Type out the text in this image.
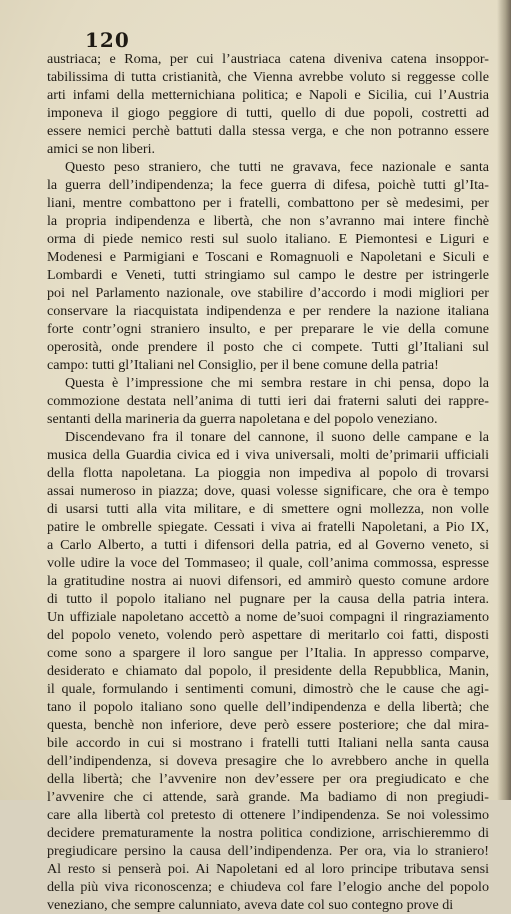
120
austriaca; e Roma, per cui l’austriaca catena diveniva catena insoppor-
tabilissima di tutta cristianità, che Vienna avrebbe voluto si reggesse colle
arti infami della metternichiana politica; e Napoli e Sicilia, cui l’Austria
imponeva il giogo peggiore di tutti, quello di due popoli, costretti ad
essere nemici perchè battuti dalla stessa verga, e che non potranno essere
amici se non liberi.
Questo peso straniero, che tutti ne gravava, fece nazionale e santa
la guerra dell’indipendenza; la fece guerra di difesa, poichè tutti gl’Ita-
liani, mentre combattono per i fratelli, combattono per sè medesimi, per
la propria indipendenza e libertà, che non s’avranno mai intere finchè
orma di piede nemico resti sul suolo italiano. E Piemontesi e Liguri e
Modenesi e Parmigiani e Toscani e Romagnuoli e Napoletani e Siculi e
Lombardi e Veneti, tutti stringiamo sul campo le destre per istringerle
poi nel Parlamento nazionale, ove stabilire d’accordo i modi migliori per
conservare la riacquistata indipendenza e per rendere la nazione italiana
forte contr’ogni straniero insulto, e per preparare le vie della comune
operosità, onde prendere il posto che ci compete. Tutti gl’Italiani sul
campo: tutti gl’Italiani nel Consiglio, per il bene comune della patria!
Questa è l’impressione che mi sembra restare in chi pensa, dopo la
commozione destata nell’anima di tutti ieri dai fraterni saluti dei rappre-
sentanti della marineria da guerra napoletana e del popolo veneziano.
Discendevano fra il tonare del cannone, il suono delle campane e la
musica della Guardia civica ed i viva universali, molti de’primarii ufficiali
della flotta napoletana. La pioggia non impediva al popolo di trovarsi
assai numeroso in piazza; dove, quasi volesse significare, che ora è tempo
di usarsi tutti alla vita militare, e di smettere ogni mollezza, non volle
patire le ombrelle spiegate. Cessati i viva ai fratelli Napoletani, a Pio IX,
a Carlo Alberto, a tutti i difensori della patria, ed al Governo veneto, si
volle udire la voce del Tommaseo; il quale, coll’anima commossa, espresse
la gratitudine nostra ai nuovi difensori, ed ammirò questo comune ardore
di tutto il popolo italiano nel pugnare per la causa della patria intera.
Un uffiziale napoletano accettò a nome de’suoi compagni il ringraziamento
del popolo veneto, volendo però aspettare di meritarlo coi fatti, disposti
come sono a spargere il loro sangue per l’Italia. In appresso comparve,
desiderato e chiamato dal popolo, il presidente della Repubblica, Manin,
il quale, formulando i sentimenti comuni, dimostrò che le cause che agi-
tano il popolo italiano sono quelle dell’indipendenza e della libertà; che
questa, benchè non inferiore, deve però essere posteriore; che dal mira-
bile accordo in cui si mostrano i fratelli tutti Italiani nella santa causa
dell’indipendenza, si doveva presagire che lo avrebbero anche in quella
della libertà; che l’avvenire non dev’essere per ora pregiudicato e che
l’avvenire che ci attende, sarà grande. Ma badiamo di non pregiudi-
care alla libertà col pretesto di ottenere l’indipendenza. Se noi volessimo
decidere prematuramente la nostra politica condizione, arrischieremmo di
pregiudicare persino la causa dell’indipendenza. Per ora, via lo straniero!
Al resto si penserà poi. Ai Napoletani ed al loro principe tributava sensi
della più viva riconoscenza; e chiudeva col fare l’elogio anche del popolo
veneziano, che sempre calunniato, aveva date col suo contegno prove di
